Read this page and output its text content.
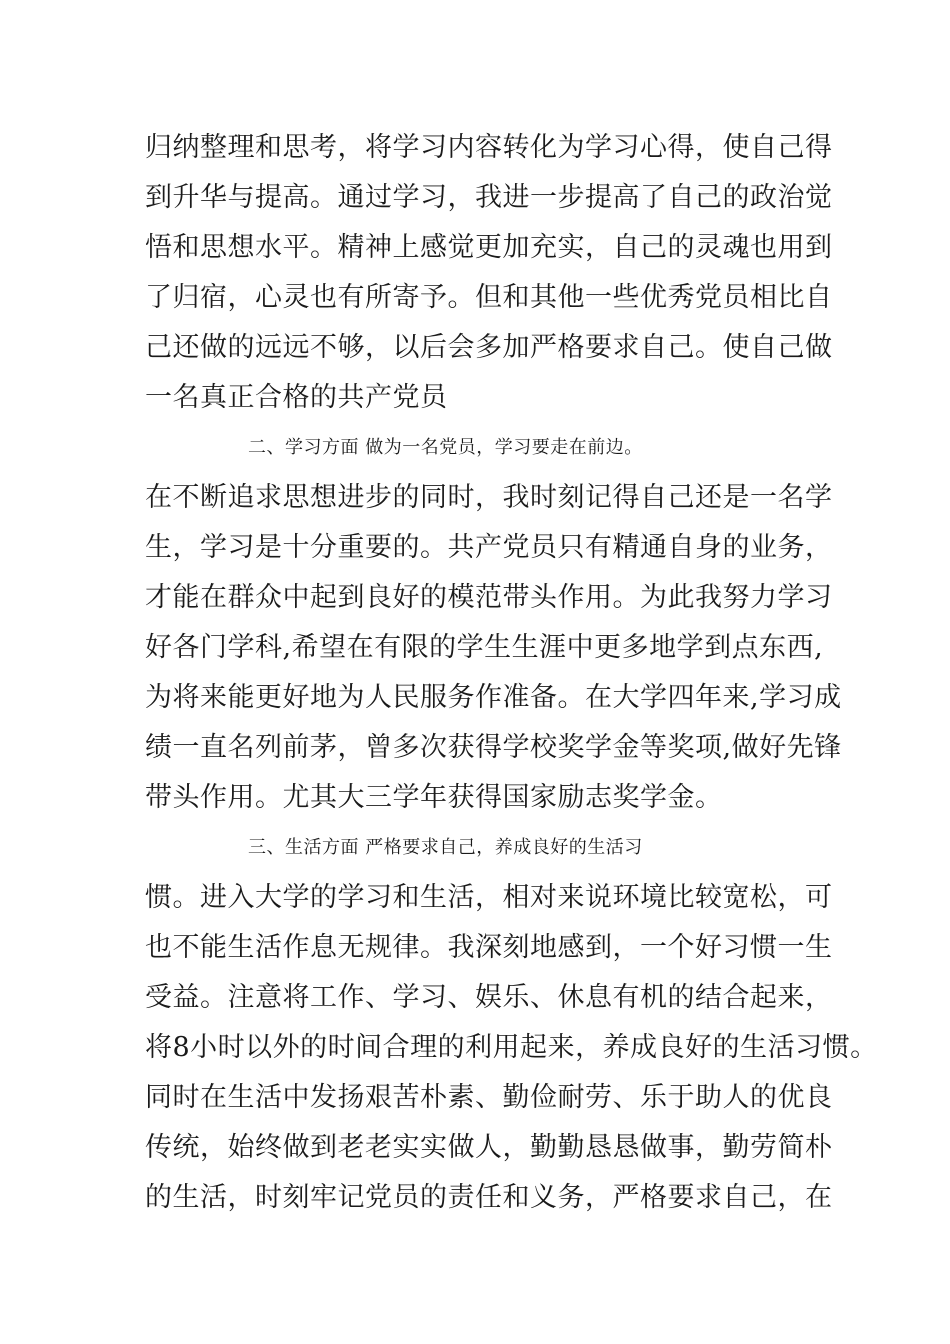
归纳整理和思考，将学习内容转化为学习心得，使自己得
到升华与提高。通过学习，我进一步提高了自己的政治觉
悟和思想水平。精神上感觉更加充实，自己的灵魂也用到
了归宿，心灵也有所寄予。但和其他一些优秀党员相比自
己还做的远远不够，以后会多加严格要求自己。使自己做
一名真正合格的共产党员
二、学习方面 做为一名党员，学习要走在前边。
在不断追求思想进步的同时，我时刻记得自己还是一名学
生，学习是十分重要的。共产党员只有精通自身的业务，
才能在群众中起到良好的模范带头作用。为此我努力学习
好各门学科,希望在有限的学生生涯中更多地学到点东西,
为将来能更好地为人民服务作准备。在大学四年来,学习成
绩一直名列前茅，曾多次获得学校奖学金等奖项,做好先锋
带头作用。尤其大三学年获得国家励志奖学金。
三、生活方面 严格要求自己，养成良好的生活习
惯。进入大学的学习和生活，相对来说环境比较宽松，可
也不能生活作息无规律。我深刻地感到，一个好习惯一生
受益。注意将工作、学习、娱乐、休息有机的结合起来，
将8小时以外的时间合理的利用起来，养成良好的生活习惯。
同时在生活中发扬艰苦朴素、勤俭耐劳、乐于助人的优良
传统，始终做到老老实实做人，勤勤恳恳做事，勤劳简朴
的生活，时刻牢记党员的责任和义务，严格要求自己，在
